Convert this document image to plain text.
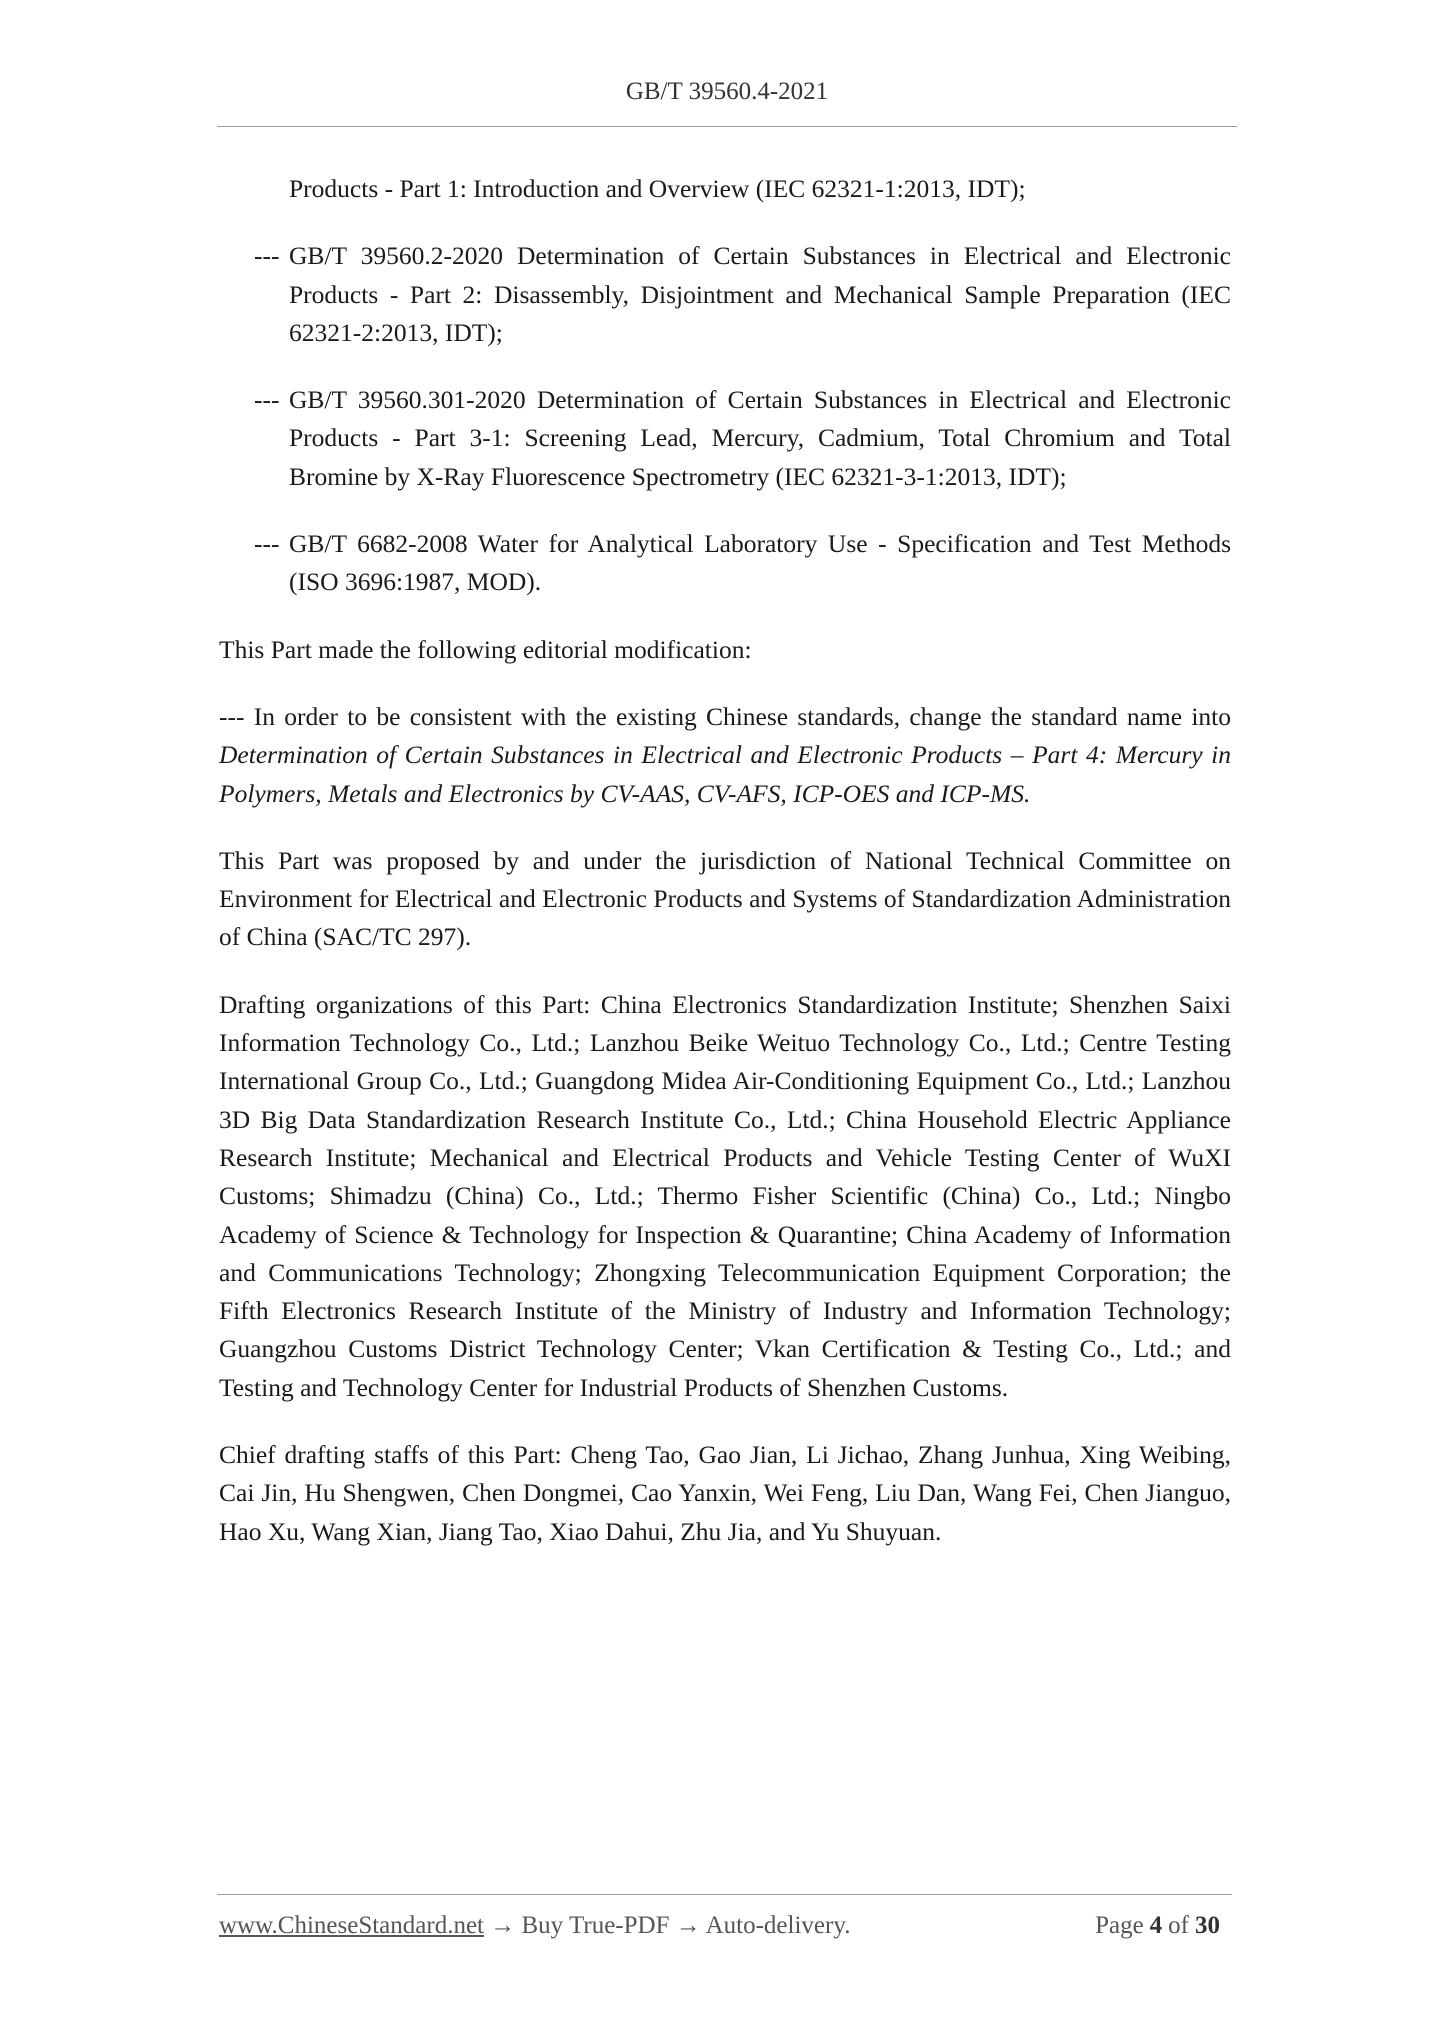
GB/T 39560.4-2021

Products - Part 1: Introduction and Overview (IEC 62321-1:2013, IDT);

--- GB/T 39560.2-2020 Determination of Certain Substances in Electrical and Electronic Products - Part 2: Disassembly, Disjointment and Mechanical Sample Preparation (IEC 62321-2:2013, IDT);

--- GB/T 39560.301-2020 Determination of Certain Substances in Electrical and Electronic Products - Part 3-1: Screening Lead, Mercury, Cadmium, Total Chromium and Total Bromine by X-Ray Fluorescence Spectrometry (IEC 62321-3-1:2013, IDT);

--- GB/T 6682-2008 Water for Analytical Laboratory Use - Specification and Test Methods (ISO 3696:1987, MOD).

This Part made the following editorial modification:

--- In order to be consistent with the existing Chinese standards, change the standard name into Determination of Certain Substances in Electrical and Electronic Products – Part 4: Mercury in Polymers, Metals and Electronics by CV-AAS, CV-AFS, ICP-OES and ICP-MS.

This Part was proposed by and under the jurisdiction of National Technical Committee on Environment for Electrical and Electronic Products and Systems of Standardization Administration of China (SAC/TC 297).

Drafting organizations of this Part: China Electronics Standardization Institute; Shenzhen Saixi Information Technology Co., Ltd.; Lanzhou Beike Weituo Technology Co., Ltd.; Centre Testing International Group Co., Ltd.; Guangdong Midea Air-Conditioning Equipment Co., Ltd.; Lanzhou 3D Big Data Standardization Research Institute Co., Ltd.; China Household Electric Appliance Research Institute; Mechanical and Electrical Products and Vehicle Testing Center of WuXI Customs; Shimadzu (China) Co., Ltd.; Thermo Fisher Scientific (China) Co., Ltd.; Ningbo Academy of Science & Technology for Inspection & Quarantine; China Academy of Information and Communications Technology; Zhongxing Telecommunication Equipment Corporation; the Fifth Electronics Research Institute of the Ministry of Industry and Information Technology; Guangzhou Customs District Technology Center; Vkan Certification & Testing Co., Ltd.; and Testing and Technology Center for Industrial Products of Shenzhen Customs.

Chief drafting staffs of this Part: Cheng Tao, Gao Jian, Li Jichao, Zhang Junhua, Xing Weibing, Cai Jin, Hu Shengwen, Chen Dongmei, Cao Yanxin, Wei Feng, Liu Dan, Wang Fei, Chen Jianguo, Hao Xu, Wang Xian, Jiang Tao, Xiao Dahui, Zhu Jia, and Yu Shuyuan.

www.ChineseStandard.net → Buy True-PDF → Auto-delivery.	Page 4 of 30
